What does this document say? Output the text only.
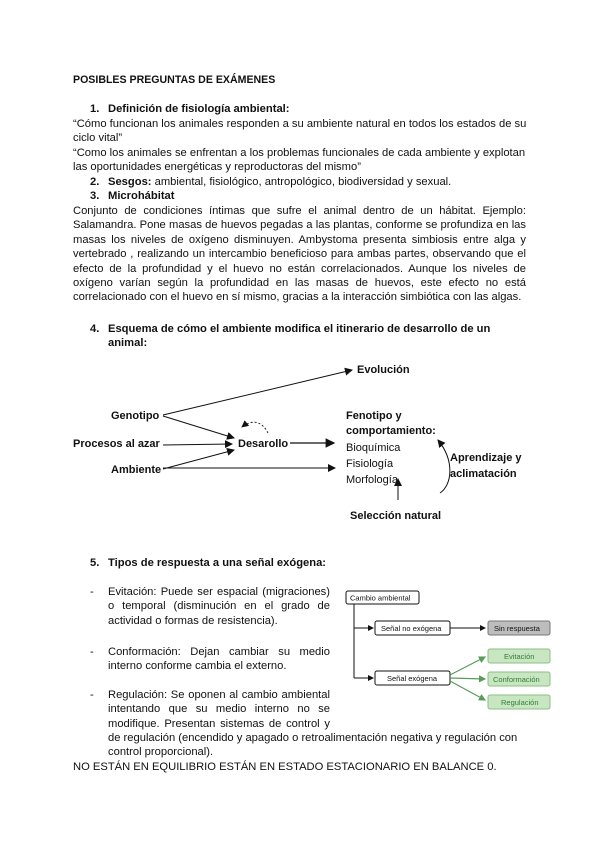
POSIBLES PREGUNTAS DE EXÁMENES
1. Definición de fisiología ambiental:
“Cómo funcionan los animales responden a su ambiente natural en todos los estados de su
ciclo vital”
“Como los animales se enfrentan a los problemas funcionales de cada ambiente y explotan
las oportunidades energéticas y reproductoras del mismo”
2. Sesgos: ambiental, fisiológico, antropológico, biodiversidad y sexual.
3. Microhábitat
Conjunto de condiciones íntimas que sufre el animal dentro de un hábitat. Ejemplo:
Salamandra. Pone masas de huevos pegadas a las plantas, conforme se profundiza en las
masas los niveles de oxígeno disminuyen. Ambystoma presenta simbiosis entre alga y
vertebrado , realizando un intercambio beneficioso para ambas partes, observando que el
efecto de la profundidad y el huevo no están correlacionados. Aunque los niveles de
oxígeno varían según la profundidad en las masas de huevos, este efecto no está
correlacionado con el huevo en sí mismo, gracias a la interacción simbiótica con las algas.
4. Esquema de cómo el ambiente modifica el itinerario de desarrollo de un
animal:
Evolución
Genotipo
Procesos al azar
Ambiente
Desarollo
Fenotipo y
comportamiento:
Bioquímica
Fisiología
Morfología
Aprendizaje y
aclimatación
Selección natural
5. Tipos de respuesta a una señal exógena:
- Evitación: Puede ser espacial (migraciones)
o temporal (disminución en el grado de
actividad o formas de resistencia).
- Conformación: Dejan cambiar su medio
interno conforme cambia el externo.
- Regulación: Se oponen al cambio ambiental
intentando que su medio interno no se
modifique. Presentan sistemas de control y
de regulación (encendido y apagado o retroalimentación negativa y regulación con
control proporcional).
Cambio ambiental
Señal no exógena	Sin respuesta
Señal exógena
Evitación
Conformación
Regulación
NO ESTÁN EN EQUILIBRIO ESTÁN EN ESTADO ESTACIONARIO EN BALANCE 0.
